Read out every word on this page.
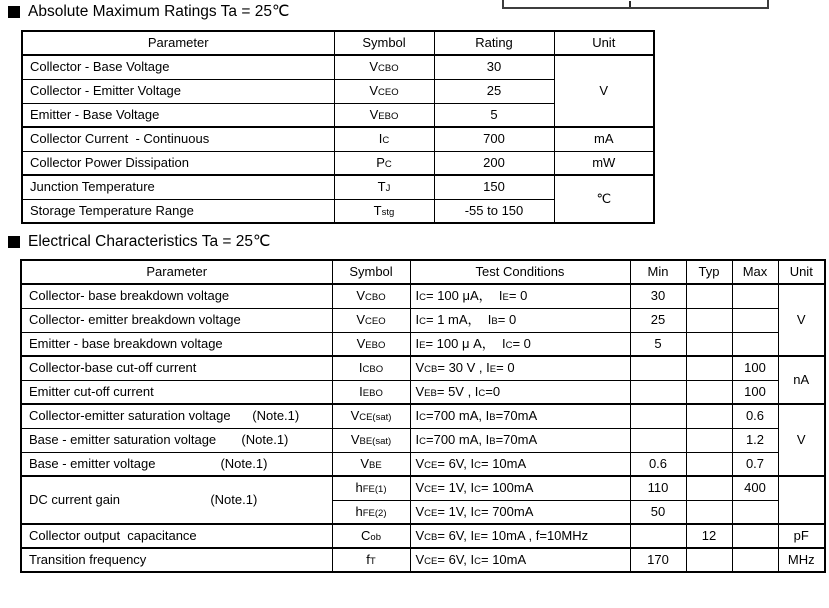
Absolute Maximum Ratings Ta = 25℃
Parameter	Symbol	Rating	Unit
Collector - Base Voltage	VCBO	30	V
Collector - Emitter Voltage	VCEO	25	
Emitter - Base Voltage	VEBO	5	
Collector Current  - Continuous	IC	700	mA
Collector Power Dissipation	PC	200	mW
Junction Temperature	TJ	150	℃
Storage Temperature Range	Tstg	-55 to 150	
Electrical Characteristics Ta = 25℃
Parameter	Symbol	Test Conditions	Min	Typ	Max	Unit
Collector- base breakdown voltage	VCBO	IC= 100 μA，  IE= 0	30			V
Collector- emitter breakdown voltage	VCEO	IC= 1 mA，  IB= 0	25			
Emitter - base breakdown voltage	VEBO	IE= 100 μ A，  IC= 0	5			
Collector-base cut-off current	ICBO	VCB= 30 V , IE= 0			100	nA
Emitter cut-off current	IEBO	VEB= 5V , IC=0			100	
Collector-emitter saturation voltage      (Note.1)	VCE(sat)	IC=700 mA, IB=70mA			0.6	V
Base - emitter saturation voltage       (Note.1)	VBE(sat)	IC=700 mA, IB=70mA			1.2	
Base - emitter voltage                  (Note.1)	VBE	VCE= 6V, IC= 10mA	0.6		0.7	
DC current gain                         (Note.1)	hFE(1)	VCE= 1V, IC= 100mA	110		400	
	hFE(2)	VCE= 1V, IC= 700mA	50			
Collector output  capacitance	Cob	VCB= 6V, IE= 10mA , f=10MHz		12		pF
Transition frequency	fT	VCE= 6V, IC= 10mA	170			MHz
